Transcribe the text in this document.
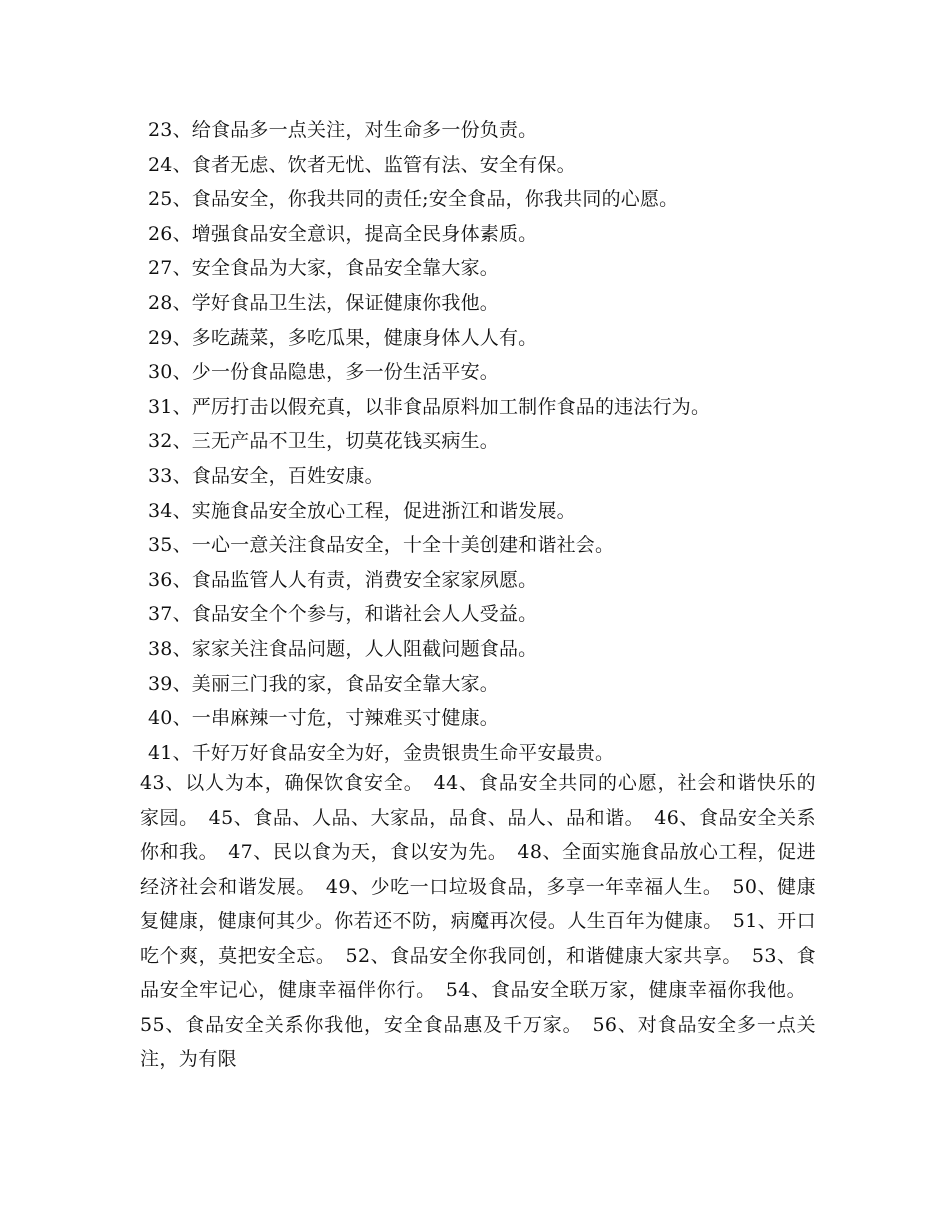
23、给食品多一点关注，对生命多一份负责。
24、食者无虑、饮者无忧、监管有法、安全有保。
25、食品安全，你我共同的责任;安全食品，你我共同的心愿。
26、增强食品安全意识，提高全民身体素质。
27、安全食品为大家，食品安全靠大家。
28、学好食品卫生法，保证健康你我他。
29、多吃蔬菜，多吃瓜果，健康身体人人有。
30、少一份食品隐患，多一份生活平安。
31、严厉打击以假充真，以非食品原料加工制作食品的违法行为。
32、三无产品不卫生，切莫花钱买病生。
33、食品安全，百姓安康。
34、实施食品安全放心工程，促进浙江和谐发展。
35、一心一意关注食品安全，十全十美创建和谐社会。
36、食品监管人人有责，消费安全家家夙愿。
37、食品安全个个参与，和谐社会人人受益。
38、家家关注食品问题，人人阻截问题食品。
39、美丽三门我的家，食品安全靠大家。
40、一串麻辣一寸危，寸辣难买寸健康。
41、千好万好食品安全为好，金贵银贵生命平安最贵。

43、以人为本，确保饮食安全。 44、食品安全共同的心愿，社会和谐快乐的家园。 45、食品、人品、大家品，品食、品人、品和谐。 46、食品安全关系你和我。 47、民以食为天，食以安为先。 48、全面实施食品放心工程，促进经济社会和谐发展。 49、少吃一口垃圾食品，多享一年幸福人生。 50、健康复健康，健康何其少。你若还不防，病魔再次侵。人生百年为健康。 51、开口吃个爽，莫把安全忘。 52、食品安全你我同创，和谐健康大家共享。 53、食品安全牢记心，健康幸福伴你行。 54、食品安全联万家，健康幸福你我他。55、食品安全关系你我他，安全食品惠及千万家。 56、对食品安全多一点关注，为有限
